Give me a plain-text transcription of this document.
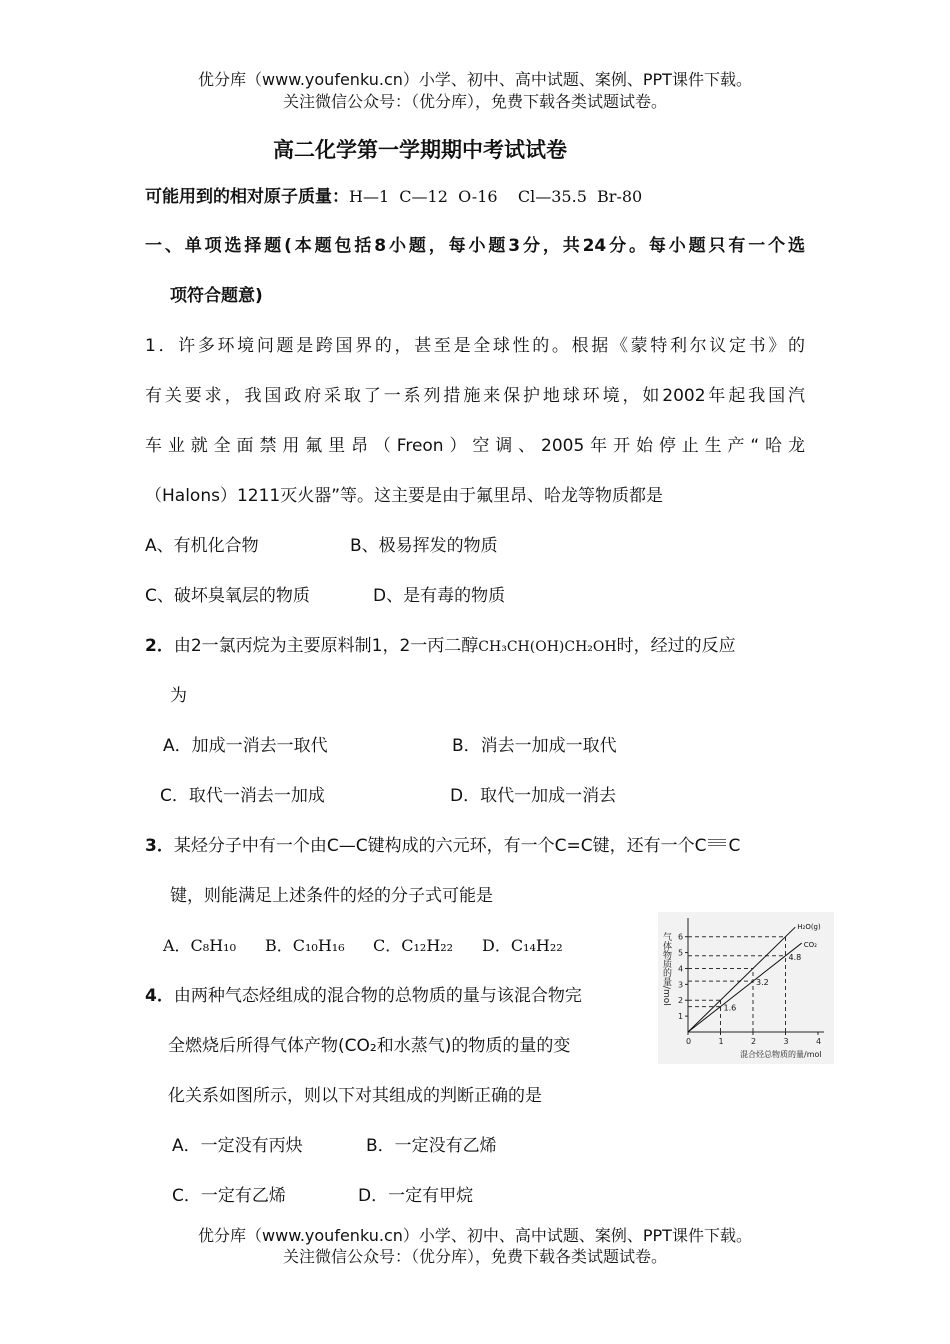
优分库（www.youfenku.cn）小学、初中、高中试题、案例、PPT课件下载。
关注微信公众号：（优分库），免费下载各类试题试卷。
高二化学第一学期期中考试试卷
可能用到的相对原子质量：H—1  C—12  O-16    Cl—35.5  Br-80
一、单项选择题(本题包括8小题，每小题3分，共24分。每小题只有一个选
项符合题意)
1．许多环境问题是跨国界的，甚至是全球性的。根据《蒙特利尔议定书》的
有关要求，我国政府采取了一系列措施来保护地球环境，如2002年起我国汽
车业就全面禁用氟里昂（Freon）空调、2005年开始停止生产“哈龙
（Halons）1211灭火器”等。这主要是由于氟里昂、哈龙等物质都是
A、有机化合物	B、极易挥发的物质
C、破坏臭氧层的物质	D、是有毒的物质
2．由2一氯丙烷为主要原料制1，2一丙二醇CH₃CH(OH)CH₂OH时，经过的反应
为
A．加成一消去一取代	B．消去一加成一取代
C．取代一消去一加成	D．取代一加成一消去
3．某烃分子中有一个由C—C键构成的六元环，有一个C=C键，还有一个C C
键，则能满足上述条件的烃的分子式可能是
A．C₈H₁₀ B．C₁₀H₁₆ C．C₁₂H₂₂ D．C₁₄H₂₂
4．由两种气态烃组成的混合物的总物质的量与该混合物完
全燃烧后所得气体产物(CO₂和水蒸气)的物质的量的变
化关系如图所示，则以下对其组成的判断正确的是
A．一定没有丙炔	B．一定没有乙烯
C．一定有乙烯	D．一定有甲烷
气体物质的量/mol
0	1	2	3	4
1
2
3
4
5
6
H₂O(g)
CO₂
1.6
3.2
4.8
混合烃总物质的量/mol
优分库（www.youfenku.cn）小学、初中、高中试题、案例、PPT课件下载。
关注微信公众号：（优分库），免费下载各类试题试卷。
